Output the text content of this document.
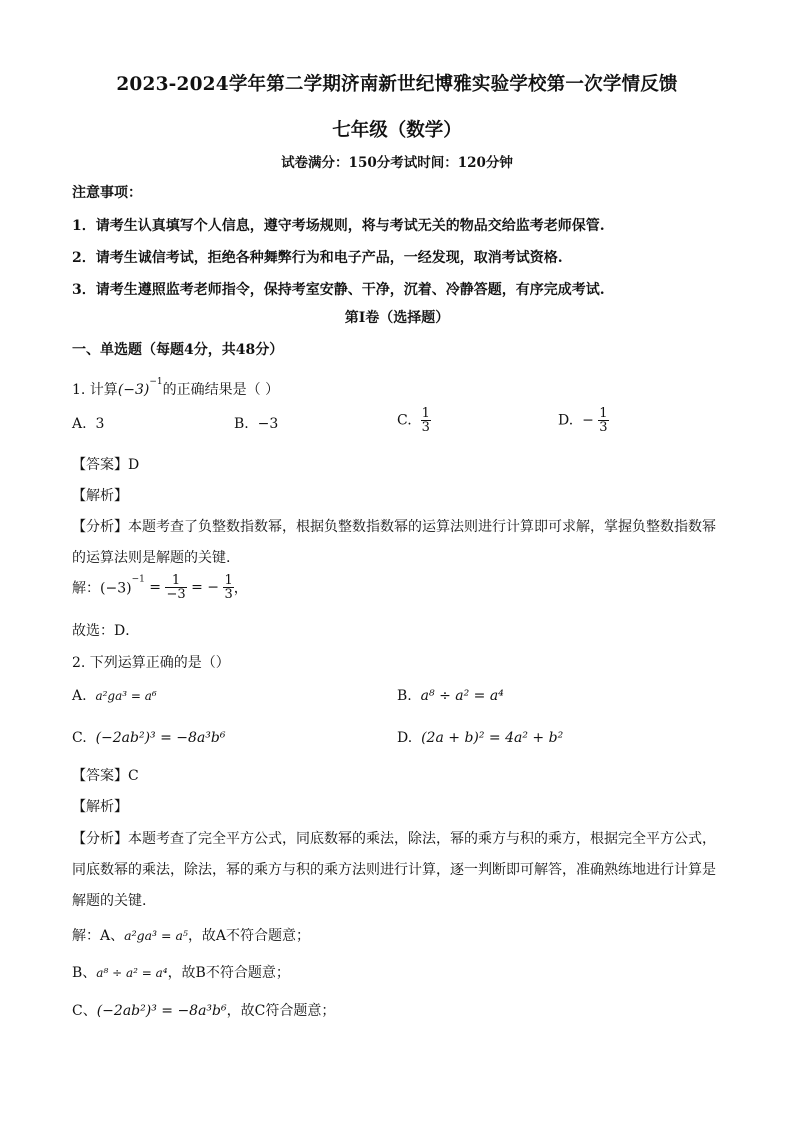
2023-2024学年第二学期济南新世纪博雅实验学校第一次学情反馈
七年级（数学）
试卷满分：150分考试时间：120分钟
注意事项：
1．请考生认真填写个人信息，遵守考场规则，将与考试无关的物品交给监考老师保管.
2．请考生诚信考试，拒绝各种舞弊行为和电子产品，一经发现，取消考试资格.
3．请考生遵照监考老师指令，保持考室安静、干净，沉着、冷静答题，有序完成考试.
第I卷（选择题）
一、单选题（每题4分，共48分）
1. 计算$(-3)^{-1}$的正确结果是（ ）
A. 3	B. −3	C. $\frac{1}{3}$	D. − $\frac{1}{3}$
【答案】D
【解析】
【分析】本题考查了负整数指数幂，根据负整数指数幂的运算法则进行计算即可求解，掌握负整数指数幂
的运算法则是解题的关键.
解：$(-3)^{-1} = \frac{1}{-3}$ = − $\frac{1}{3}$ ，
故选：D．
2. 下列运算正确的是（）
A. a²ga³ = a⁶	B. a⁸ ÷ a² = a⁴
C. (−2ab²)³ = −8a³b⁶	D. (2a + b)² = 4a² + b²
【答案】C
【解析】
【分析】本题考查了完全平方公式，同底数幂的乘法，除法，幂的乘方与积的乘方，根据完全平方公式，
同底数幂的乘法，除法，幂的乘方与积的乘方法则进行计算，逐一判断即可解答，准确熟练地进行计算是
解题的关键.
解：A、a²ga³ = a⁵，故A不符合题意；
B、a⁸ ÷ a² = a⁴，故B不符合题意；
C、(−2ab²)³ = −8a³b⁶，故C符合题意；
